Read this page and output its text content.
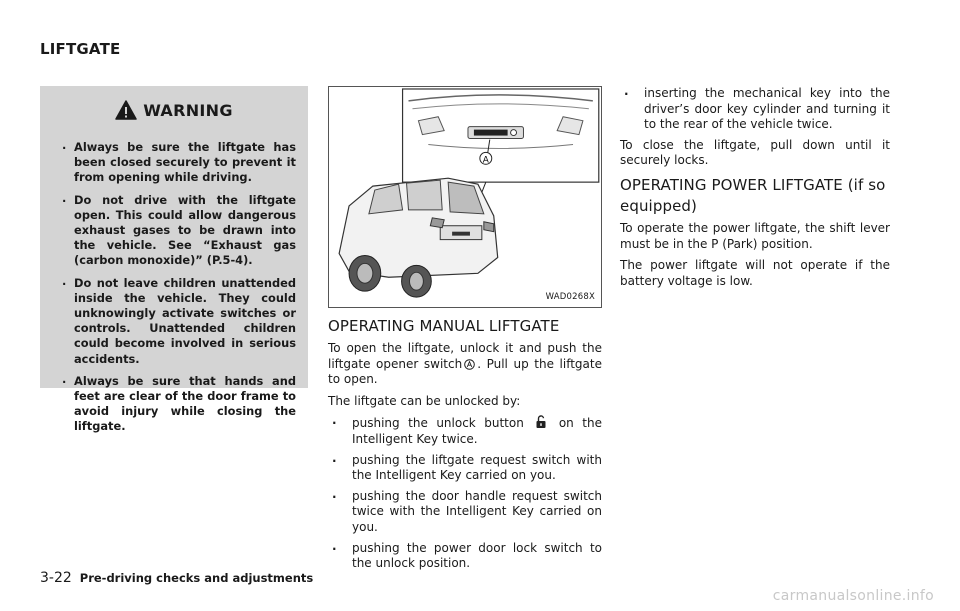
LIFTGATE
WARNING
. Always be sure the liftgate has been closed securely to prevent it from opening while driving.
. Do not drive with the liftgate open. This could allow dangerous exhaust gases to be drawn into the vehicle. See “Exhaust gas (carbon monoxide)” (P.5-4).
. Do not leave children unattended inside the vehicle. They could unknowingly activate switches or controls. Unattended children could become involved in serious accidents.
. Always be sure that hands and feet are clear of the door frame to avoid injury while closing the liftgate.
A
WAD0268X
OPERATING MANUAL LIFTGATE

To open the liftgate, unlock it and push the liftgate opener switch . Pull up the liftgate to open.

The liftgate can be unlocked by:

. pushing the unlock button	on the Intelligent Key twice.
. pushing the liftgate request switch with the Intelligent Key carried on you.
. pushing the door handle request switch twice with the Intelligent Key carried on you.
. pushing the power door lock switch to the unlock position.
. inserting the mechanical key into the driver’s door key cylinder and turning it to the rear of the vehicle twice.

To close the liftgate, pull down until it securely locks.

OPERATING POWER LIFTGATE (if so equipped)

To operate the power liftgate, the shift lever must be in the P (Park) position.

The power liftgate will not operate if the battery voltage is low.

3-22 Pre-driving checks and adjustments
carmanualsonline.info
